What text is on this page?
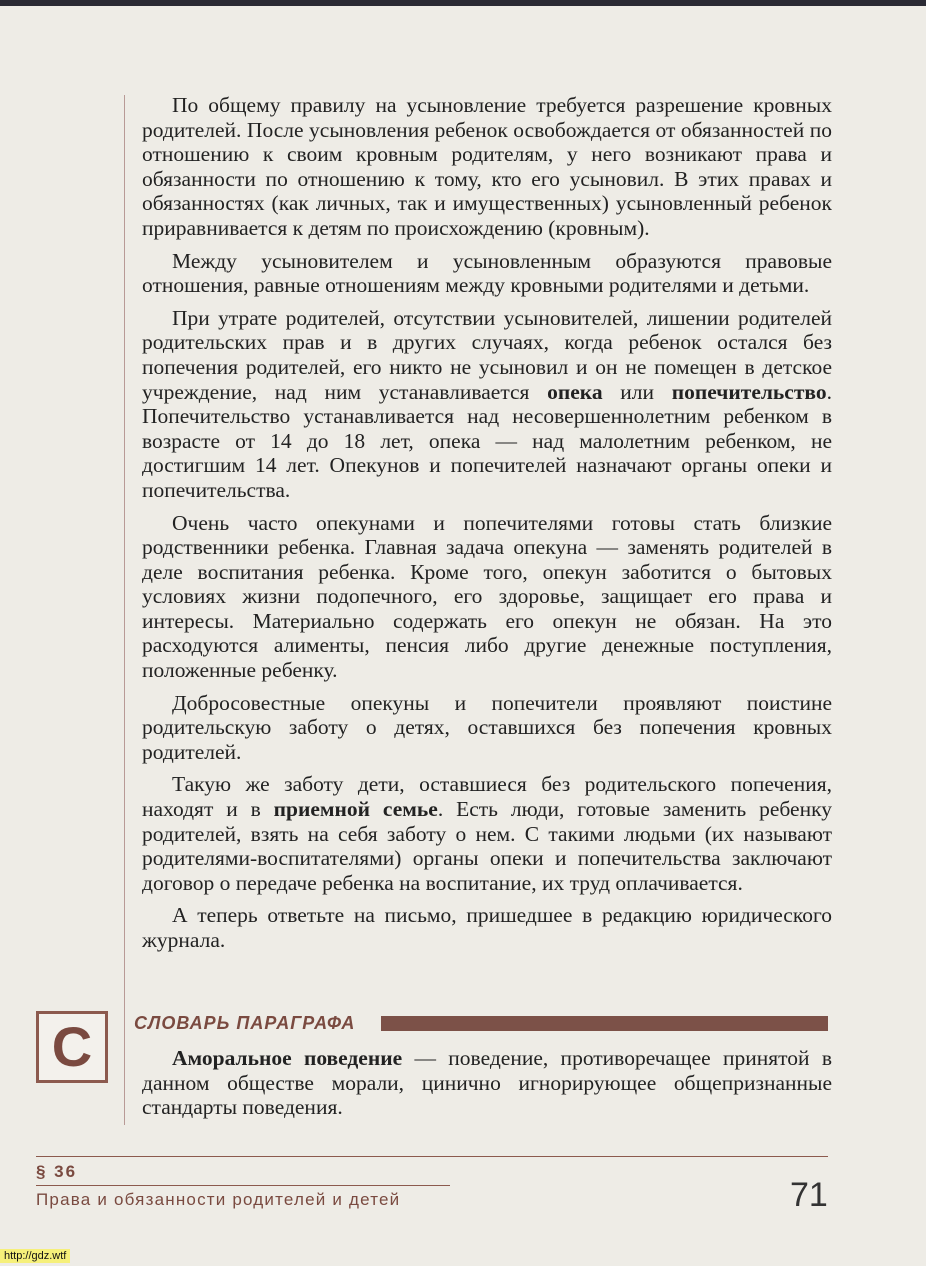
По общему правилу на усыновление требуется разрешение кровных родителей. После усыновления ребенок освобождается от обязанностей по отношению к своим кровным родителям, у него возникают права и обязанности по отношению к тому, кто его усыновил. В этих правах и обязанностях (как личных, так и имущественных) усыновленный ребенок приравнивается к детям по происхождению (кровным).

Между усыновителем и усыновленным образуются правовые отношения, равные отношениям между кровными родителями и детьми.

При утрате родителей, отсутствии усыновителей, лишении родителей родительских прав и в других случаях, когда ребенок остался без попечения родителей, его никто не усыновил и он не помещен в детское учреждение, над ним устанавливается опека или попечительство. Попечительство устанавливается над несовершеннолетним ребенком в возрасте от 14 до 18 лет, опека — над малолетним ребенком, не достигшим 14 лет. Опекунов и попечителей назначают органы опеки и попечительства.

Очень часто опекунами и попечителями готовы стать близкие родственники ребенка. Главная задача опекуна — заменять родителей в деле воспитания ребенка. Кроме того, опекун заботится о бытовых условиях жизни подопечного, его здоровье, защищает его права и интересы. Материально содержать его опекун не обязан. На это расходуются алименты, пенсия либо другие денежные поступления, положенные ребенку.

Добросовестные опекуны и попечители проявляют поистине родительскую заботу о детях, оставшихся без попечения кровных родителей.

Такую же заботу дети, оставшиеся без родительского попечения, находят и в приемной семье. Есть люди, готовые заменить ребенку родителей, взять на себя заботу о нем. С такими людьми (их называют родителями-воспитателями) органы опеки и попечительства заключают договор о передаче ребенка на воспитание, их труд оплачивается.

А теперь ответьте на письмо, пришедшее в редакцию юридического журнала.

С СЛОВАРЬ ПАРАГРАФА
Аморальное поведение — поведение, противоречащее принятой в данном обществе морали, цинично игнорирующее общепризнанные стандарты поведения.
§ 36
Права и обязанности родителей и детей	71
http://gdz.wtf
